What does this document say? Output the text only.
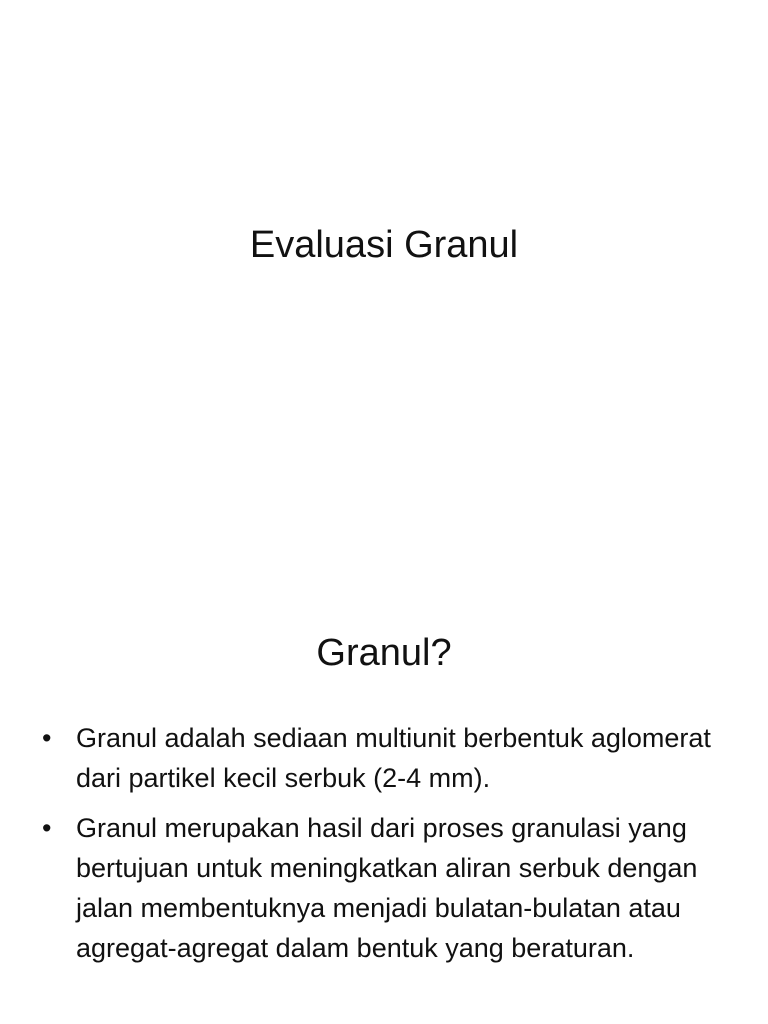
Evaluasi Granul
Granul?
• Granul adalah sediaan multiunit berbentuk aglomerat dari partikel kecil serbuk (2-4 mm).
• Granul merupakan hasil dari proses granulasi yang bertujuan untuk meningkatkan aliran serbuk dengan jalan membentuknya menjadi bulatan-bulatan atau agregat-agregat dalam bentuk yang beraturan.
